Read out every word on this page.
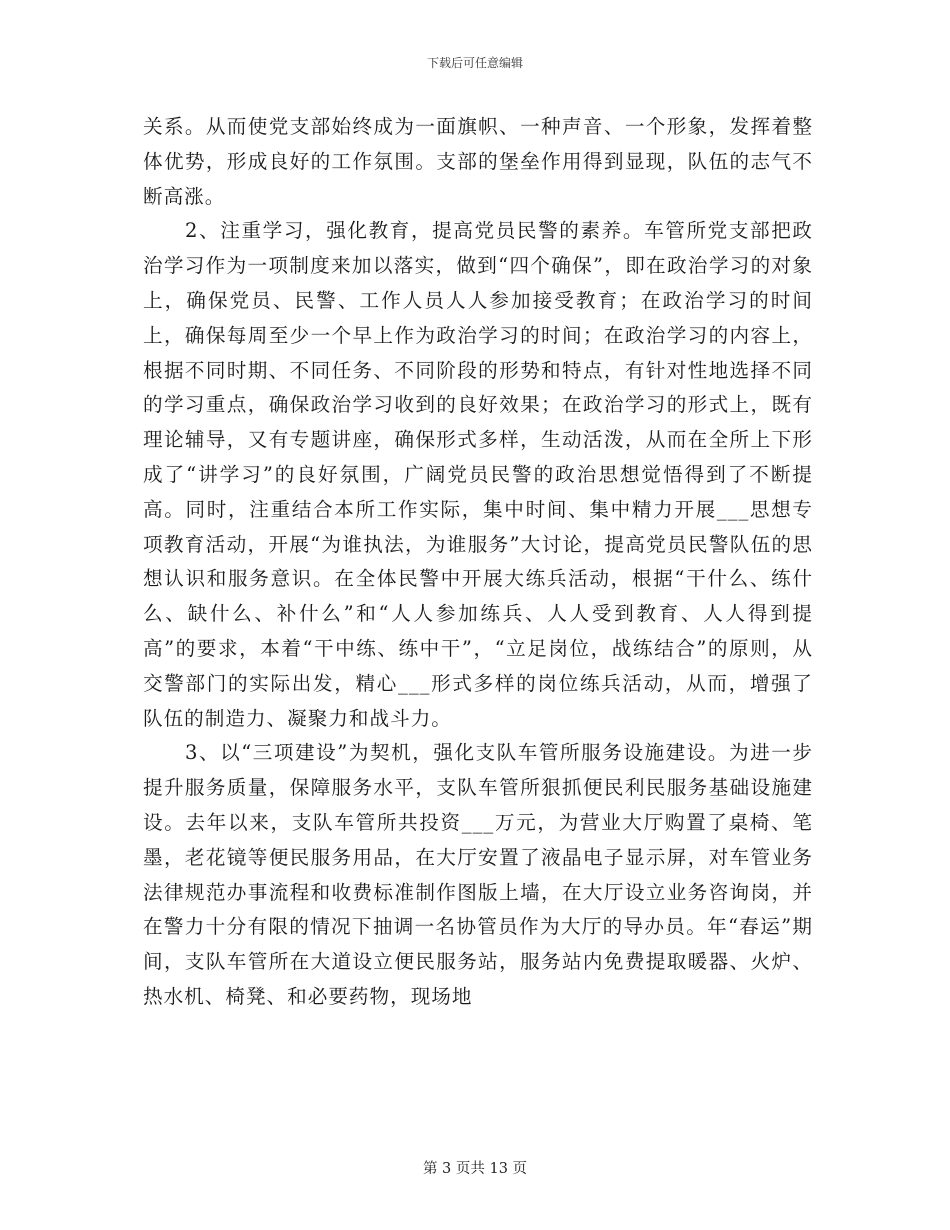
下载后可任意编辑

关系。从而使党支部始终成为一面旗帜、一种声音、一个形象，发挥着整体优势，形成良好的工作氛围。支部的堡垒作用得到显现，队伍的志气不断高涨。

2、注重学习，强化教育，提高党员民警的素养。车管所党支部把政治学习作为一项制度来加以落实，做到“四个确保”，即在政治学习的对象上，确保党员、民警、工作人员人人参加接受教育；在政治学习的时间上，确保每周至少一个早上作为政治学习的时间；在政治学习的内容上，根据不同时期、不同任务、不同阶段的形势和特点，有针对性地选择不同的学习重点，确保政治学习收到的良好效果；在政治学习的形式上，既有理论辅导，又有专题讲座，确保形式多样，生动活泼，从而在全所上下形成了“讲学习”的良好氛围，广阔党员民警的政治思想觉悟得到了不断提高。同时，注重结合本所工作实际，集中时间、集中精力开展___思想专项教育活动，开展“为谁执法，为谁服务”大讨论，提高党员民警队伍的思想认识和服务意识。在全体民警中开展大练兵活动，根据“干什么、练什么、缺什么、补什么”和“人人参加练兵、人人受到教育、人人得到提高”的要求，本着“干中练、练中干”，“立足岗位，战练结合”的原则，从交警部门的实际出发，精心___形式多样的岗位练兵活动，从而，增强了队伍的制造力、凝聚力和战斗力。

3、以“三项建设”为契机，强化支队车管所服务设施建设。为进一步提升服务质量，保障服务水平，支队车管所狠抓便民利民服务基础设施建设。去年以来，支队车管所共投资___万元，为营业大厅购置了桌椅、笔墨，老花镜等便民服务用品，在大厅安置了液晶电子显示屏，对车管业务法律规范办事流程和收费标准制作图版上墙，在大厅设立业务咨询岗，并在警力十分有限的情况下抽调一名协管员作为大厅的导办员。年“春运”期间，支队车管所在大道设立便民服务站，服务站内免费提取暖器、火炉、热水机、椅凳、和必要药物，现场地

第 3 页共 13 页
